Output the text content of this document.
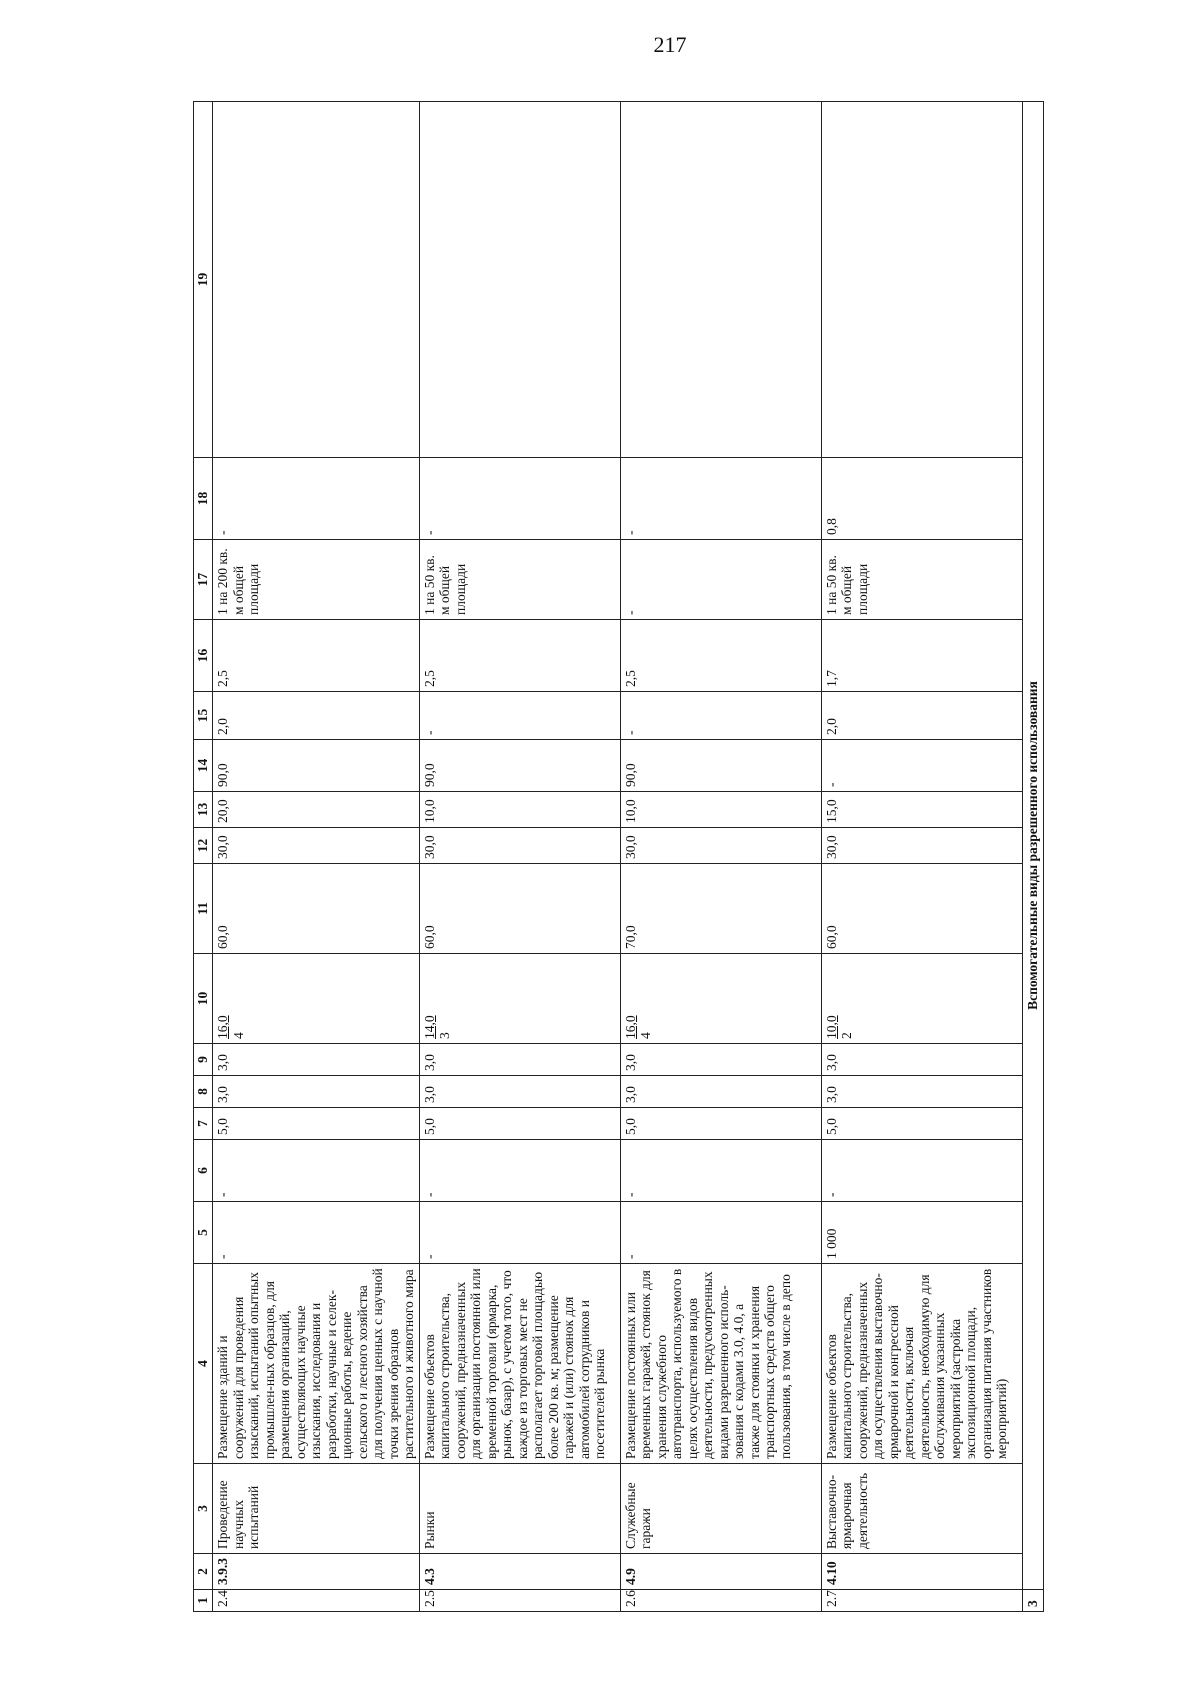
217
1	2	3	4	5	6	7	8	9	10	11	12	13	14	15	16	17	18	19
2.4	3.9.3	Проведение научных испытаний	Размещение зданий и сооружений для проведения изысканий, испытаний опытных промышлен-ных образцов, для размещения организаций, осуществляющих научные изыскания, исследования и разработки, научные и селек-ционные работы, ведение сельского и лесного хозяйства для получения ценных с научной точки зрения образцов растительного и животного мира	-	-	5,0	3,0	3,0	16,0 4	60,0	30,0	20,0	90,0	2,0	2,5	1 на 200 кв. м общей площади	-	
2.5	4.3	Рынки	Размещение объектов капитального строительства, сооружений, предназначенных для организации постоянной или временной торговли (ярмарка, рынок, базар), с учетом того, что каждое из торговых мест не располагает торговой площадью более 200 кв. м; размещение гаражей и (или) стоянок для автомобилей сотрудников и посетителей рынка	-	-	5,0	3,0	3,0	14,0 3	60,0	30,0	10,0	90,0	-	2,5	1 на 50 кв. м общей площади	-	
2.6	4.9	Служебные гаражи	Размещение постоянных или временных гаражей, стоянок для хранения служебного автотранспорта, используемого в целях осуществления видов деятельности, предусмотренных видами разрешенного исполь-зования с кодами 3.0, 4.0, а также для стоянки и хранения транспортных средств общего пользования, в том числе в депо	-	-	5,0	3,0	3,0	16,0 4	70,0	30,0	10,0	90,0	-	2,5	-	-	
2.7	4.10	Выставочно-ярмарочная деятельность	Размещение объектов капитального строительства, сооружений, предназначенных для осуществления выставочно-ярмарочной и конгрессной деятельности, включая деятельность, необходимую для обслуживания указанных мероприятий (застройка экспозиционной площади, организация питания участников мероприятий)	1 000	-	5,0	3,0	3,0	10,0 2	60,0	30,0	15,0	-	2,0	1,7	1 на 50 кв. м общей площади	0,8	
3	Вспомогательные виды разрешенного использования																	
